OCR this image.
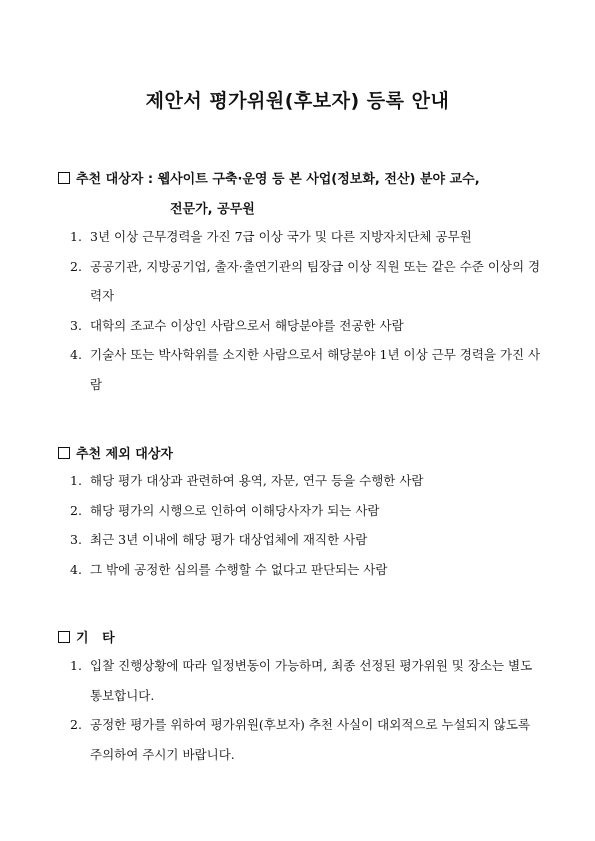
제안서 평가위원(후보자) 등록 안내
추천 대상자 : 웹사이트 구축·운영 등 본 사업(정보화, 전산) 분야 교수,
전문가, 공무원
1. 3년 이상 근무경력을 가진 7급 이상 국가 및 다른 지방자치단체 공무원
2. 공공기관, 지방공기업, 출자·출연기관의 팀장급 이상 직원 또는 같은 수준 이상의 경력자
3. 대학의 조교수 이상인 사람으로서 해당분야를 전공한 사람
4. 기술사 또는 박사학위를 소지한 사람으로서 해당분야 1년 이상 근무 경력을 가진 사람
추천 제외 대상자
1. 해당 평가 대상과 관련하여 용역, 자문, 연구 등을 수행한 사람
2. 해당 평가의 시행으로 인하여 이해당사자가 되는 사람
3. 최근 3년 이내에 해당 평가 대상업체에 재직한 사람
4. 그 밖에 공정한 심의를 수행할 수 없다고 판단되는 사람
기   타
1. 입찰 진행상황에 따라 일정변동이 가능하며, 최종 선정된 평가위원 및 장소는 별도 통보합니다.
2. 공정한 평가를 위하여 평가위원(후보자) 추천 사실이 대외적으로 누설되지 않도록 주의하여 주시기 바랍니다.
